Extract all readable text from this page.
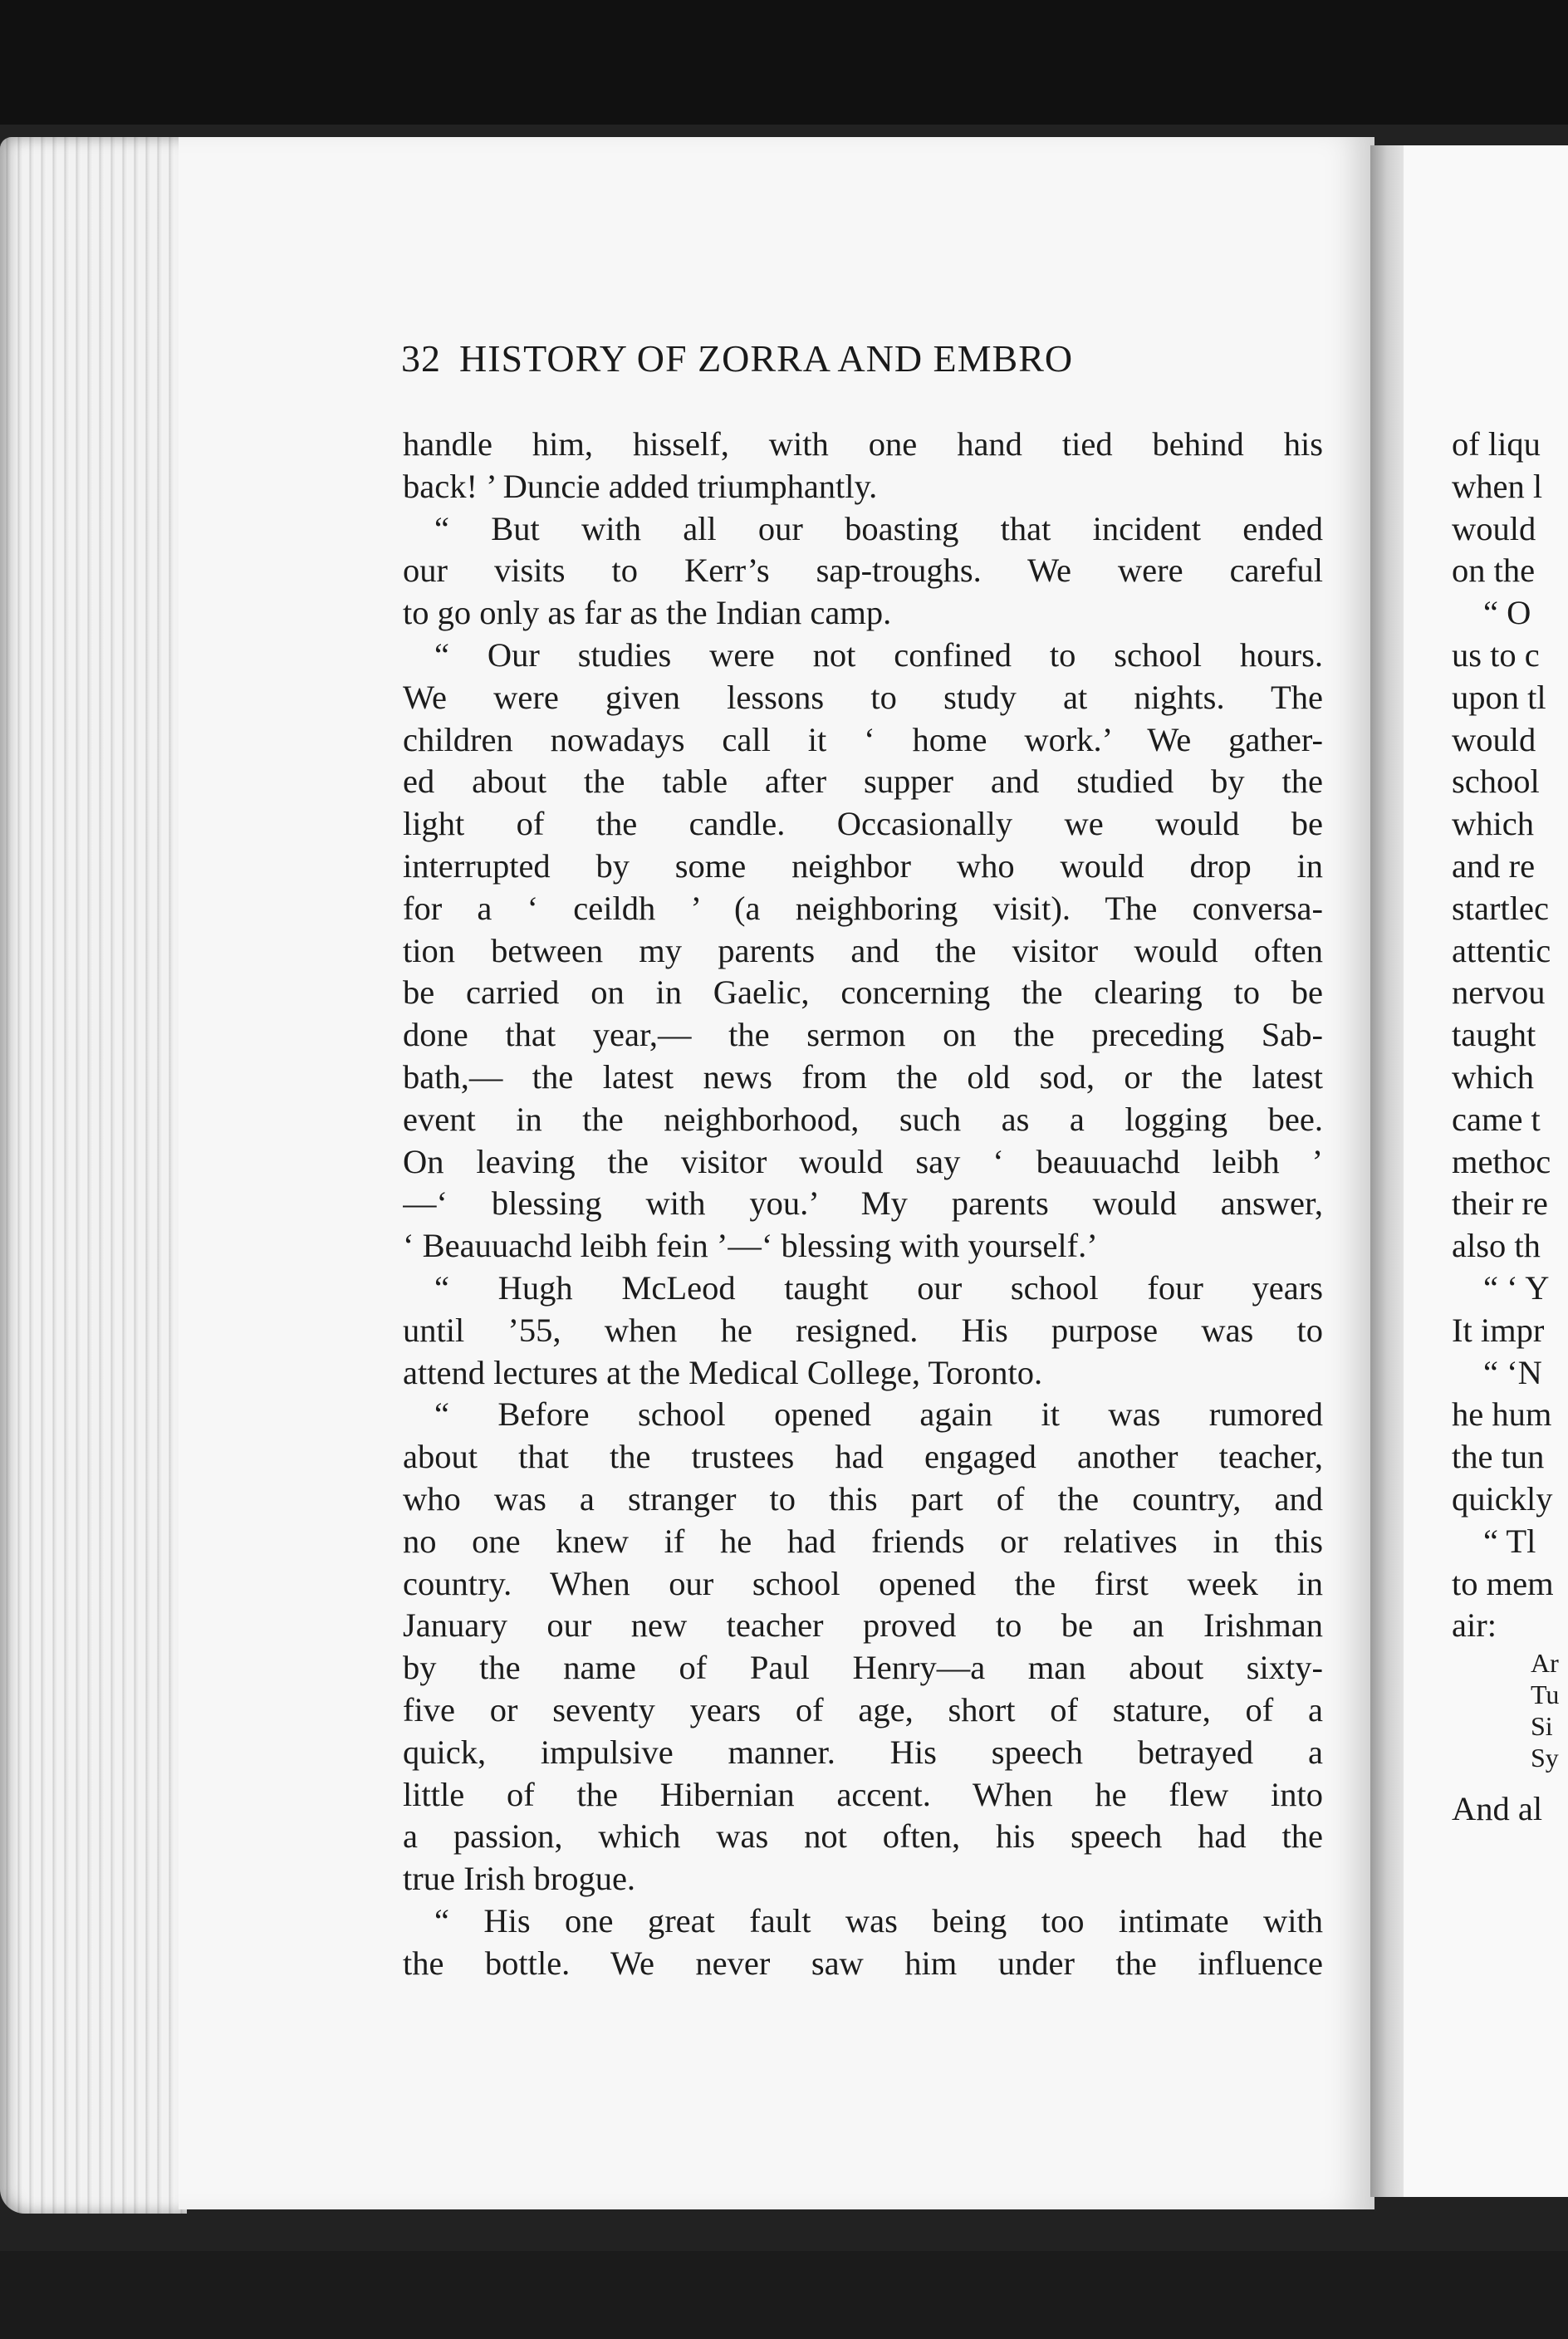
32 HISTORY OF ZORRA AND EMBRO
handle him, hisself, with one hand tied behind his
back! ’ Duncie added triumphantly.
“ But with all our boasting that incident ended
our visits to Kerr’s sap-troughs. We were careful
to go only as far as the Indian camp.
“ Our studies were not confined to school hours.
We were given lessons to study at nights. The
children nowadays call it ‘ home work.’ We gather-
ed about the table after supper and studied by the
light of the candle. Occasionally we would be
interrupted by some neighbor who would drop in
for a ‘ ceildh ’ (a neighboring visit). The conversa-
tion between my parents and the visitor would often
be carried on in Gaelic, concerning the clearing to be
done that year,— the sermon on the preceding Sab-
bath,— the latest news from the old sod, or the latest
event in the neighborhood, such as a logging bee.
On leaving the visitor would say ‘ beauuachd leibh ’
—‘ blessing with you.’ My parents would answer,
‘ Beauuachd leibh fein ’—‘ blessing with yourself.’
“ Hugh McLeod taught our school four years
until ’55, when he resigned. His purpose was to
attend lectures at the Medical College, Toronto.
“ Before school opened again it was rumored
about that the trustees had engaged another teacher,
who was a stranger to this part of the country, and
no one knew if he had friends or relatives in this
country. When our school opened the first week in
January our new teacher proved to be an Irishman
by the name of Paul Henry—a man about sixty-
five or seventy years of age, short of stature, of a
quick, impulsive manner. His speech betrayed a
little of the Hibernian accent. When he flew into
a passion, which was not often, his speech had the
true Irish brogue.
“ His one great fault was being too intimate with
the bottle. We never saw him under the influence
of liqu
when l
would
on the
“ O
us to c
upon tl
would
school
which
and re
startlec
attentic
nervou
taught
which
came t
methoc
their re
also th
“ ‘ Y
It impr
“ ‘N
he hum
the tun
quickly
“ Tl
to mem
air:
Ar
Tu
Si
Sy
And al
